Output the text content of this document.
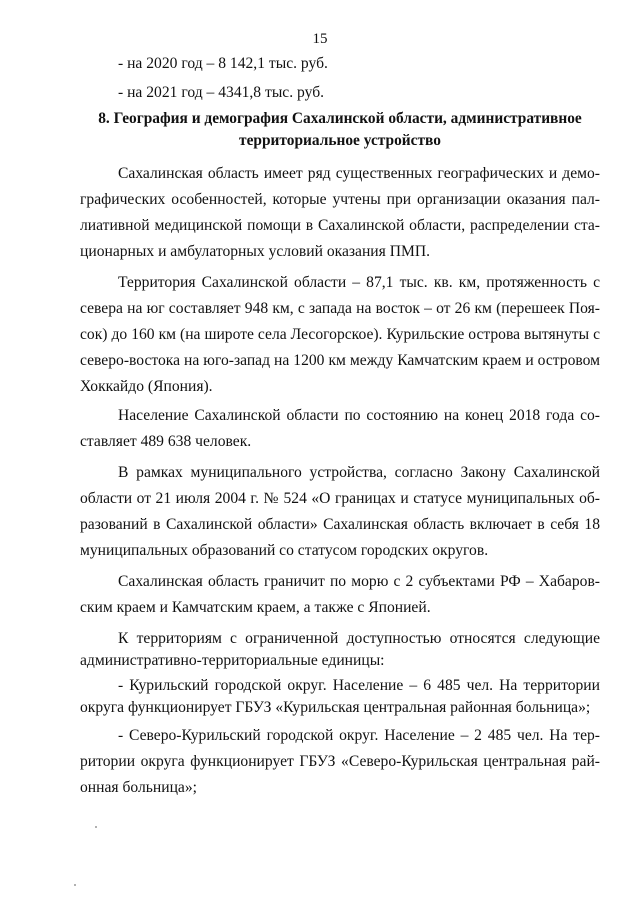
15
- на 2020 год – 8 142,1 тыс. руб.
- на 2021 год – 4341,8 тыс. руб.
8. География и демография Сахалинской области, административное
территориальное устройство
Сахалинская область имеет ряд существенных географических и демо-
графических особенностей, которые учтены при организации оказания пал-
лиативной медицинской помощи в Сахалинской области, распределении ста-
ционарных и амбулаторных условий оказания ПМП.
Территория Сахалинской области – 87,1 тыс. кв. км, протяженность с
севера на юг составляет 948 км, с запада на восток – от 26 км (перешеек Поя-
сок) до 160 км (на широте села Лесогорское). Курильские острова вытянуты с
северо-востока на юго-запад на 1200 км между Камчатским краем и островом
Хоккайдо (Япония).
Население Сахалинской области по состоянию на конец 2018 года со-
ставляет 489 638 человек.
В рамках муниципального устройства, согласно Закону Сахалинской
области от 21 июля 2004 г. № 524 «О границах и статусе муниципальных об-
разований в Сахалинской области» Сахалинская область включает в себя 18
муниципальных образований со статусом городских округов.
Сахалинская область граничит по морю с 2 субъектами РФ – Хабаров-
ским краем и Камчатским краем, а также с Японией.
К территориям с ограниченной доступностью относятся следующие
административно-территориальные единицы:
- Курильский городской округ. Население – 6 485 чел. На территории
округа функционирует ГБУЗ «Курильская центральная районная больница»;
- Северо-Курильский городской округ. Население – 2 485 чел. На тер-
ритории округа функционирует ГБУЗ «Северо-Курильская центральная рай-
онная больница»;
